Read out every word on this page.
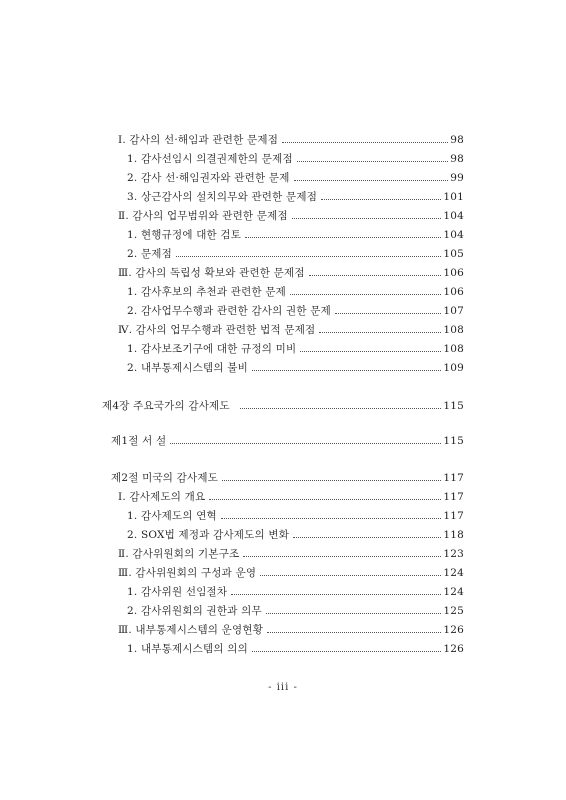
Ⅰ. 감사의 선·해임과 관련한 문제점	98
1. 감사선임시 의결권제한의 문제점	98
2. 감사 선·해임권자와 관련한 문제	99
3. 상근감사의 설치의무와 관련한 문제점	101
Ⅱ. 감사의 업무범위와 관련한 문제점	104
1. 현행규정에 대한 검토	104
2. 문제점	105
Ⅲ. 감사의 독립성 확보와 관련한 문제점	106
1. 감사후보의 추천과 관련한 문제	106
2. 감사업무수행과 관련한 감사의 권한 문제	107
Ⅳ. 감사의 업무수행과 관련한 법적 문제점	108
1. 감사보조기구에 대한 규정의 미비	108
2. 내부통제시스템의 불비	109
제4장 주요국가의 감사제도	115
제1절 서 설	115
제2절 미국의 감사제도	117
Ⅰ. 감사제도의 개요	117
1. 감사제도의 연혁	117
2. SOX법 제정과 감사제도의 변화	118
Ⅱ. 감사위원회의 기본구조	123
Ⅲ. 감사위원회의 구성과 운영	124
1. 감사위원 선임절차	124
2. 감사위원회의 권한과 의무	125
Ⅲ. 내부통제시스템의 운영현황	126
1. 내부통제시스템의 의의	126
- iii -
